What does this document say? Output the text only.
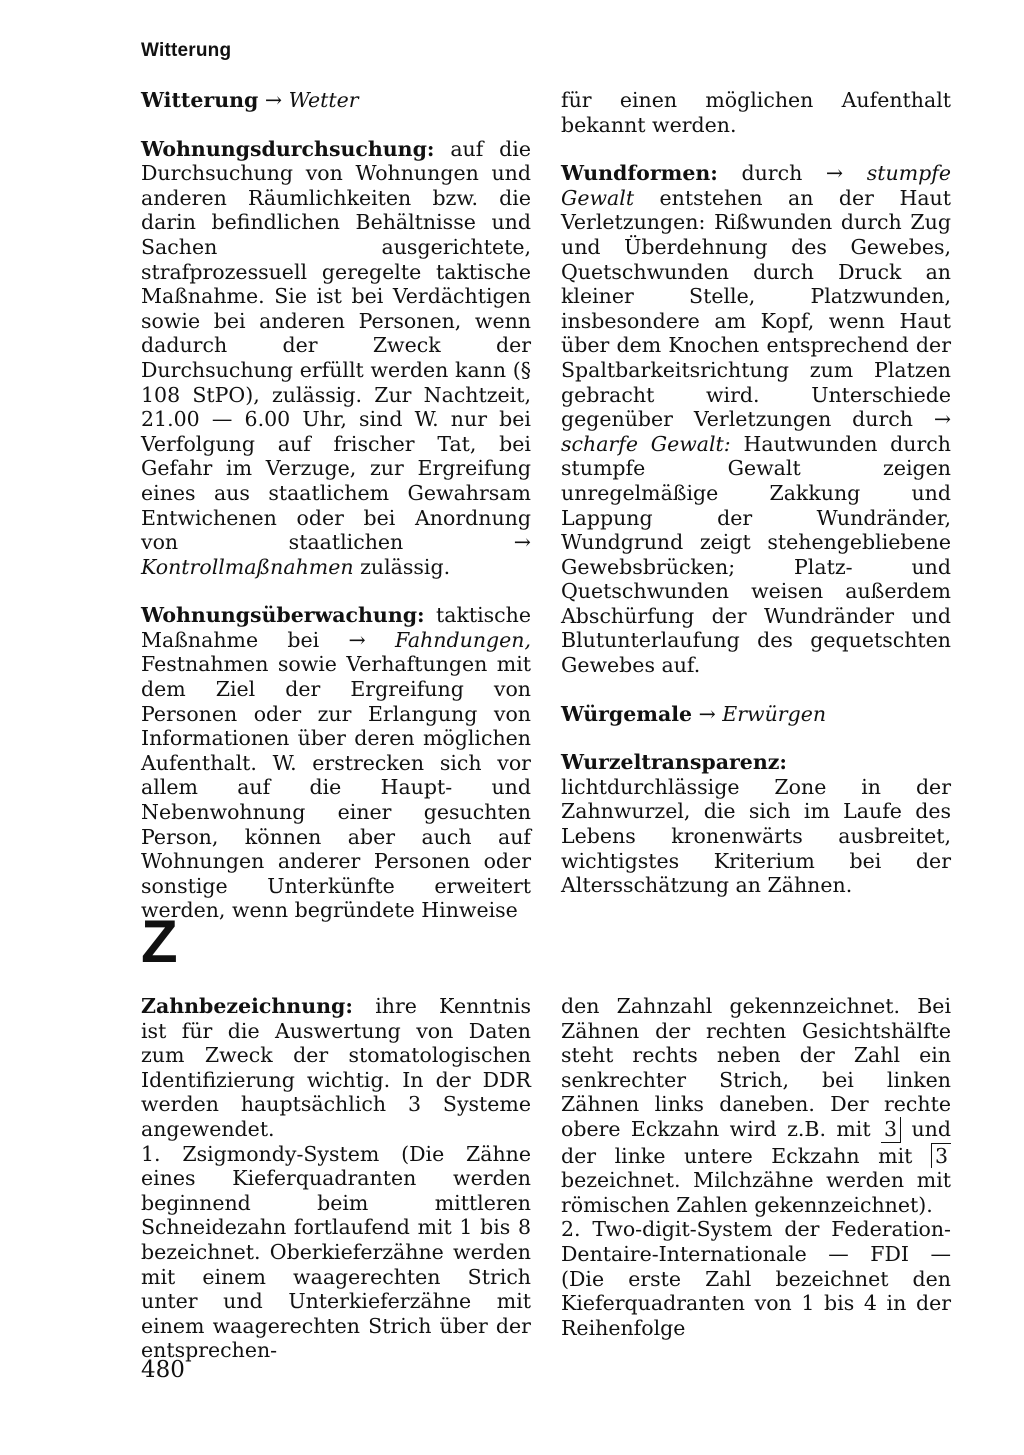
Witterung

Witterung → Wetter

Wohnungsdurchsuchung: auf die Durchsuchung von Wohnungen und anderen Räumlichkeiten bzw. die darin befindlichen Behältnisse und Sachen ausgerichtete, strafprozessuell geregelte taktische Maßnahme. Sie ist bei Verdächtigen sowie bei anderen Personen, wenn dadurch der Zweck der Durchsuchung erfüllt werden kann (§ 108 StPO), zulässig. Zur Nachtzeit, 21.00 — 6.00 Uhr, sind W. nur bei Verfolgung auf frischer Tat, bei Gefahr im Verzuge, zur Ergreifung eines aus staatlichem Gewahrsam Entwichenen oder bei Anordnung von staatlichen → Kontrollmaßnahmen zulässig.

Wohnungsüberwachung: taktische Maßnahme bei → Fahndungen, Festnahmen sowie Verhaftungen mit dem Ziel der Ergreifung von Personen oder zur Erlangung von Informationen über deren möglichen Aufenthalt. W. erstrecken sich vor allem auf die Haupt- und Nebenwohnung einer gesuchten Person, können aber auch auf Wohnungen anderer Personen oder sonstige Unterkünfte erweitert werden, wenn begründete Hinweise

für einen möglichen Aufenthalt bekannt werden.

Wundformen: durch → stumpfe Gewalt entstehen an der Haut Verletzungen: Rißwunden durch Zug und Überdehnung des Gewebes, Quetschwunden durch Druck an kleiner Stelle, Platzwunden, insbesondere am Kopf, wenn Haut über dem Knochen entsprechend der Spaltbarkeitsrichtung zum Platzen gebracht wird. Unterschiede gegenüber Verletzungen durch → scharfe Gewalt: Hautwunden durch stumpfe Gewalt zeigen unregelmäßige Zakkung und Lappung der Wundränder, Wundgrund zeigt stehengebliebene Gewebsbrücken; Platz- und Quetschwunden weisen außerdem Abschürfung der Wundränder und Blutunterlaufung des gequetschten Gewebes auf.

Würgemale → Erwürgen

Wurzeltransparenz: lichtdurchlässige Zone in der Zahnwurzel, die sich im Laufe des Lebens kronenwärts ausbreitet, wichtigstes Kriterium bei der Altersschätzung an Zähnen.

Z

Zahnbezeichnung: ihre Kenntnis ist für die Auswertung von Daten zum Zweck der stomatologischen Identifizierung wichtig. In der DDR werden hauptsächlich 3 Systeme angewendet.

1. Zsigmondy-System (Die Zähne eines Kieferquadranten werden beginnend beim mittleren Schneidezahn fortlaufend mit 1 bis 8 bezeichnet. Oberkieferzähne werden mit einem waagerechten Strich unter und Unterkieferzähne mit einem waagerechten Strich über der entsprechen-

den Zahnzahl gekennzeichnet. Bei Zähnen der rechten Gesichtshälfte steht rechts neben der Zahl ein senkrechter Strich, bei linken Zähnen links daneben. Der rechte obere Eckzahn wird z.B. mit 3 und der linke untere Eckzahn mit 3 bezeichnet. Milchzähne werden mit römischen Zahlen gekennzeichnet).

2. Two-digit-System der Federation-Dentaire-Internationale — FDI — (Die erste Zahl bezeichnet den Kieferquadranten von 1 bis 4 in der Reihenfolge

480
